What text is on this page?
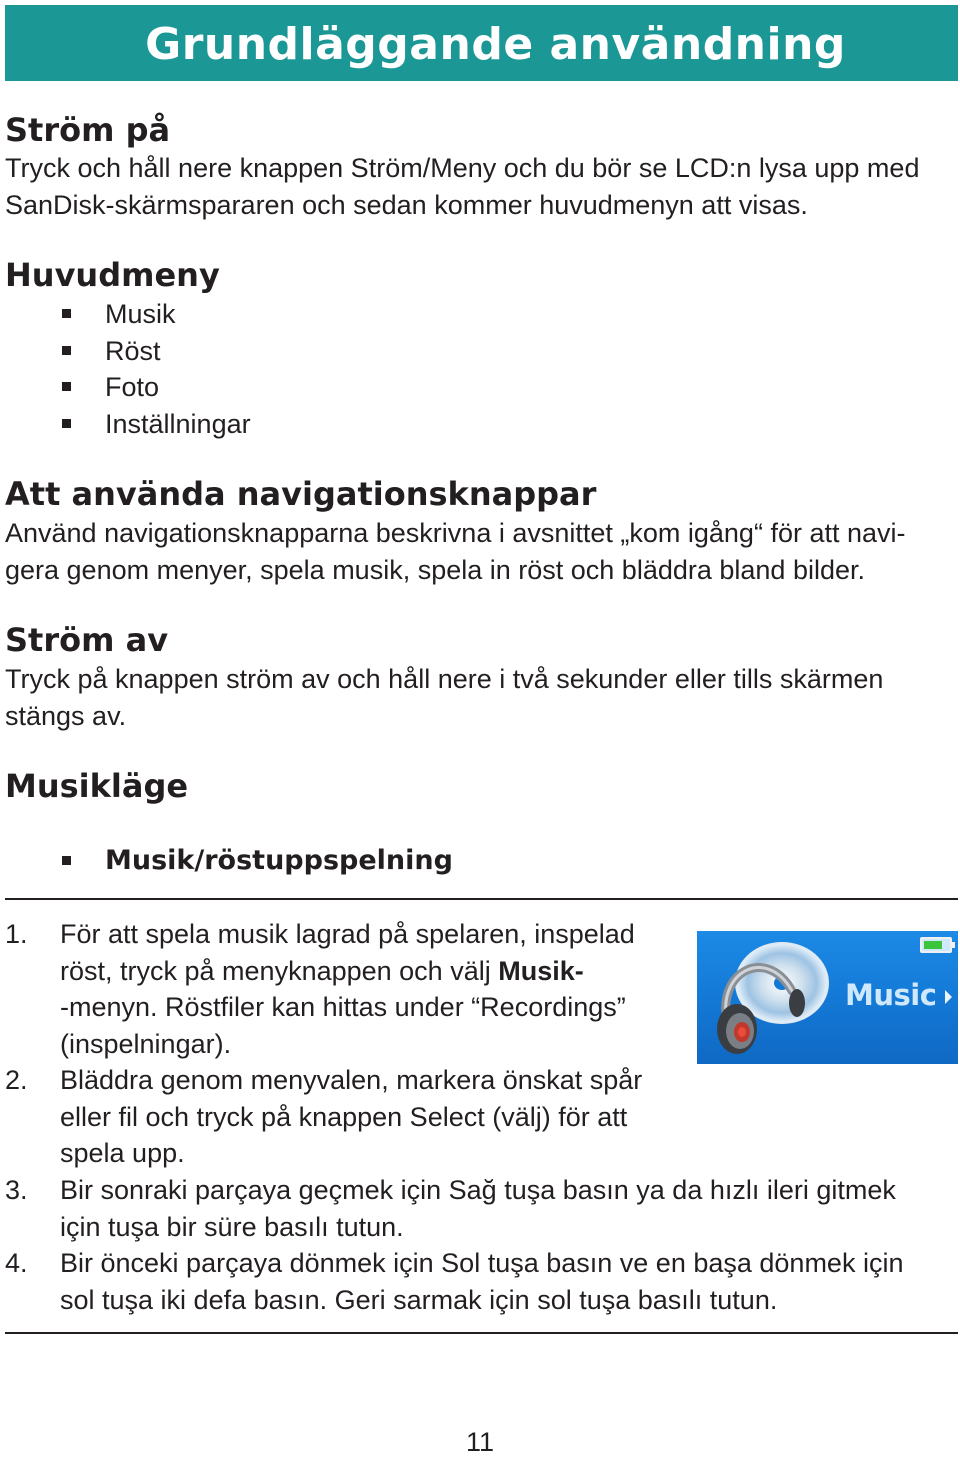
Grundläggande användning
Ström på

Tryck och håll nere knappen Ström/Meny och du bör se LCD:n lysa upp med
SanDisk-skärmspararen och sedan kommer huvudmenyn att visas.

Huvudmeny
Musik
Röst
Foto
Inställningar
Att använda navigationsknappar

Använd navigationsknapparna beskrivna i avsnittet „kom igång“ för att navi-
gera genom menyer, spela musik, spela in röst och bläddra bland bilder.

Ström av

Tryck på knappen ström av och håll nere i två sekunder eller tills skärmen
stängs av.

Musikläge
Musik/röstuppspelning
1. För att spela musik lagrad på spelaren, inspelad
röst, tryck på menyknappen och välj Musik-
-menyn. Röstfiler kan hittas under “Recordings”
(inspelningar).

2. Bläddra genom menyvalen, markera önskat spår
eller fil och tryck på knappen Select (välj) för att
spela upp.

3. Bir sonraki parçaya geçmek için Sağ tuşa basın ya da hızlı ileri gitmek
için tuşa bir süre basılı tutun.

4. Bir önceki parçaya dönmek için Sol tuşa basın ve en başa dönmek için
sol tuşa iki defa basın. Geri sarmak için sol tuşa basılı tutun.

Music
11
